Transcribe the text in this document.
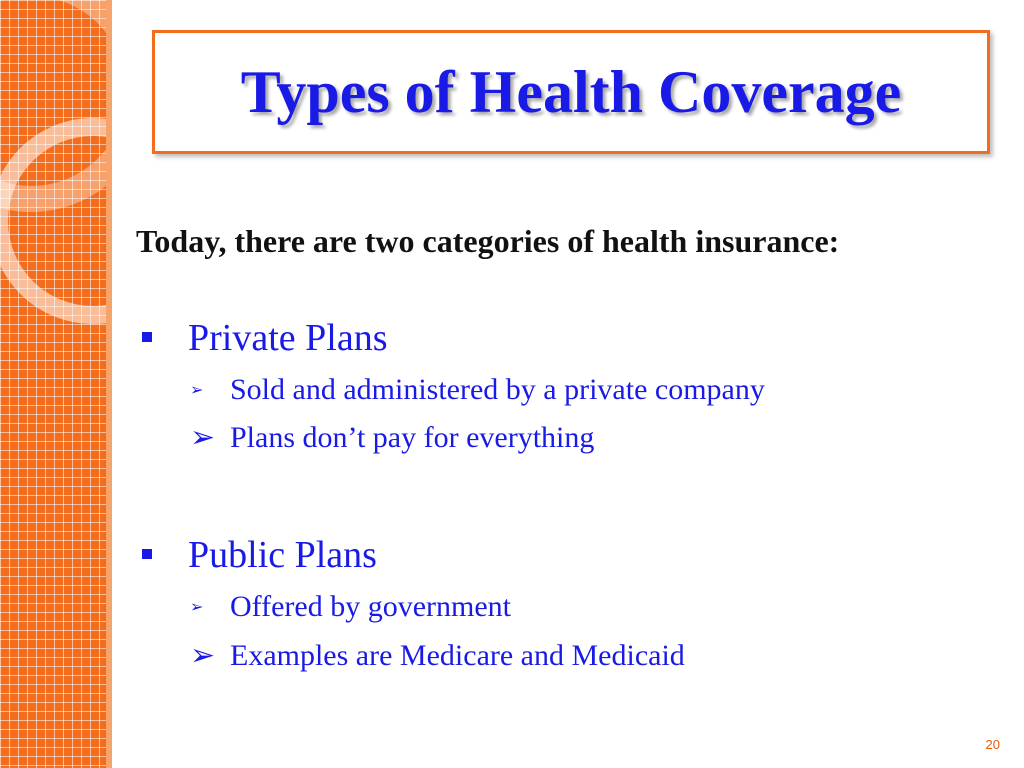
Types of Health Coverage

Today, there are two categories of health insurance:

Private Plans
➢ Sold and administered by a private company
➢ Plans don’t pay for everything
Public Plans
➢ Offered by government
➢ Examples are Medicare and Medicaid
20
